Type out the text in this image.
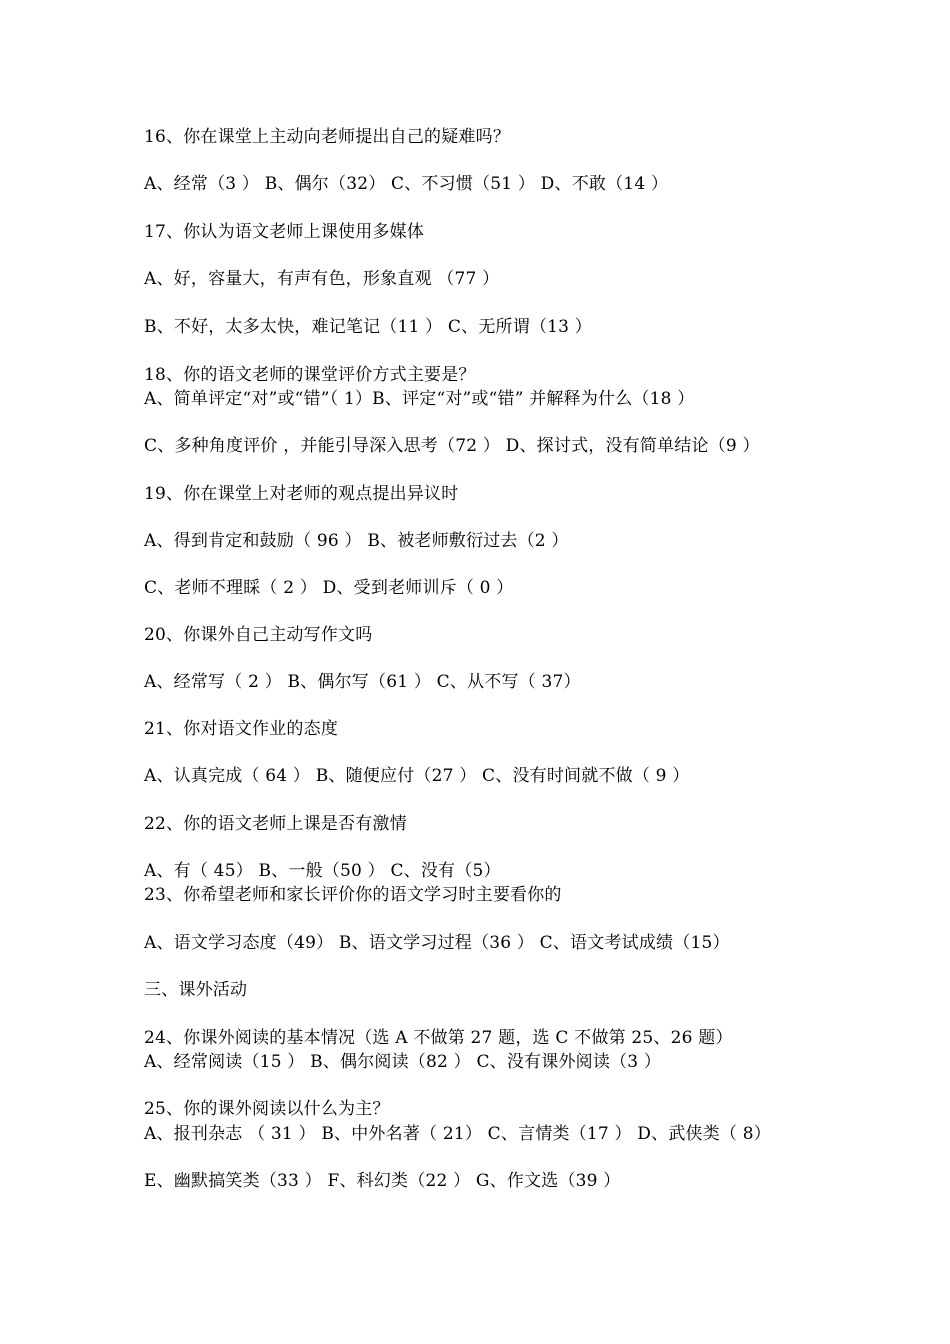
16、你在课堂上主动向老师提出自己的疑难吗？
A、经常（3 ） B、偶尔（32） C、不习惯（51 ） D、不敢（14 ）
17、你认为语文老师上课使用多媒体
A、好，容量大，有声有色，形象直观 （77 ）
B、不好，太多太快，难记笔记（11 ） C、无所谓（13 ）
18、你的语文老师的课堂评价方式主要是？
A、简单评定“对”或“错”（ 1）B、评定“对”或“错” 并解释为什么（18 ）
C、多种角度评价 ，并能引导深入思考（72 ） D、探讨式，没有简单结论（9 ）
19、你在课堂上对老师的观点提出异议时
A、得到肯定和鼓励（ 96 ） B、被老师敷衍过去（2 ）
C、老师不理睬（ 2 ） D、受到老师训斥（ 0 ）
20、你课外自己主动写作文吗
A、经常写（ 2 ） B、偶尔写（61 ） C、从不写（ 37）
21、你对语文作业的态度
A、认真完成（ 64 ） B、随便应付（27 ） C、没有时间就不做（ 9 ）
22、你的语文老师上课是否有激情
A、有（ 45） B、一般（50 ） C、没有（5）
23、你希望老师和家长评价你的语文学习时主要看你的
A、语文学习态度（49） B、语文学习过程（36 ） C、语文考试成绩（15）
三、课外活动
24、你课外阅读的基本情况（选 A 不做第 27 题，选 C 不做第 25、26 题）
A、经常阅读（15 ） B、偶尔阅读（82 ） C、没有课外阅读（3 ）
25、你的课外阅读以什么为主？
A、报刊杂志 （ 31 ） B、中外名著（ 21） C、言情类（17 ） D、武侠类（ 8）
E、幽默搞笑类（33 ） F、科幻类（22 ） G、作文选（39 ）
